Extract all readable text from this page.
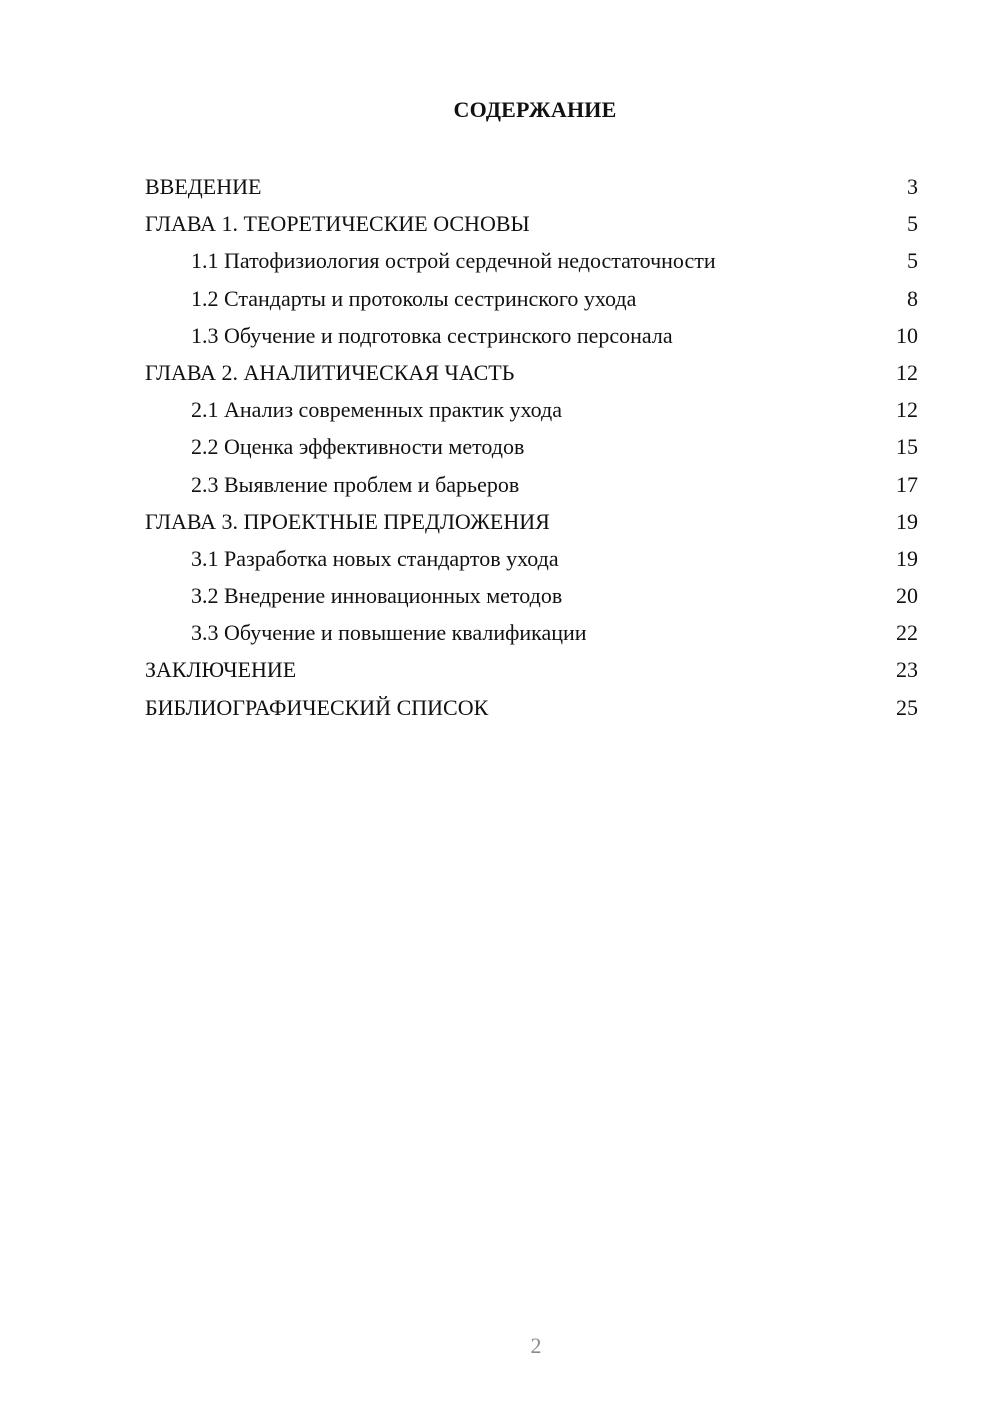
СОДЕРЖАНИЕ
ВВЕДЕНИЕ	3
ГЛАВА 1. ТЕОРЕТИЧЕСКИЕ ОСНОВЫ	5
1.1 Патофизиология острой сердечной недостаточности	5
1.2 Стандарты и протоколы сестринского ухода	8
1.3 Обучение и подготовка сестринского персонала	10
ГЛАВА 2. АНАЛИТИЧЕСКАЯ ЧАСТЬ	12
2.1 Анализ современных практик ухода	12
2.2 Оценка эффективности методов	15
2.3 Выявление проблем и барьеров	17
ГЛАВА 3. ПРОЕКТНЫЕ ПРЕДЛОЖЕНИЯ	19
3.1 Разработка новых стандартов ухода	19
3.2 Внедрение инновационных методов	20
3.3 Обучение и повышение квалификации	22
ЗАКЛЮЧЕНИЕ	23
БИБЛИОГРАФИЧЕСКИЙ СПИСОК	25
2
